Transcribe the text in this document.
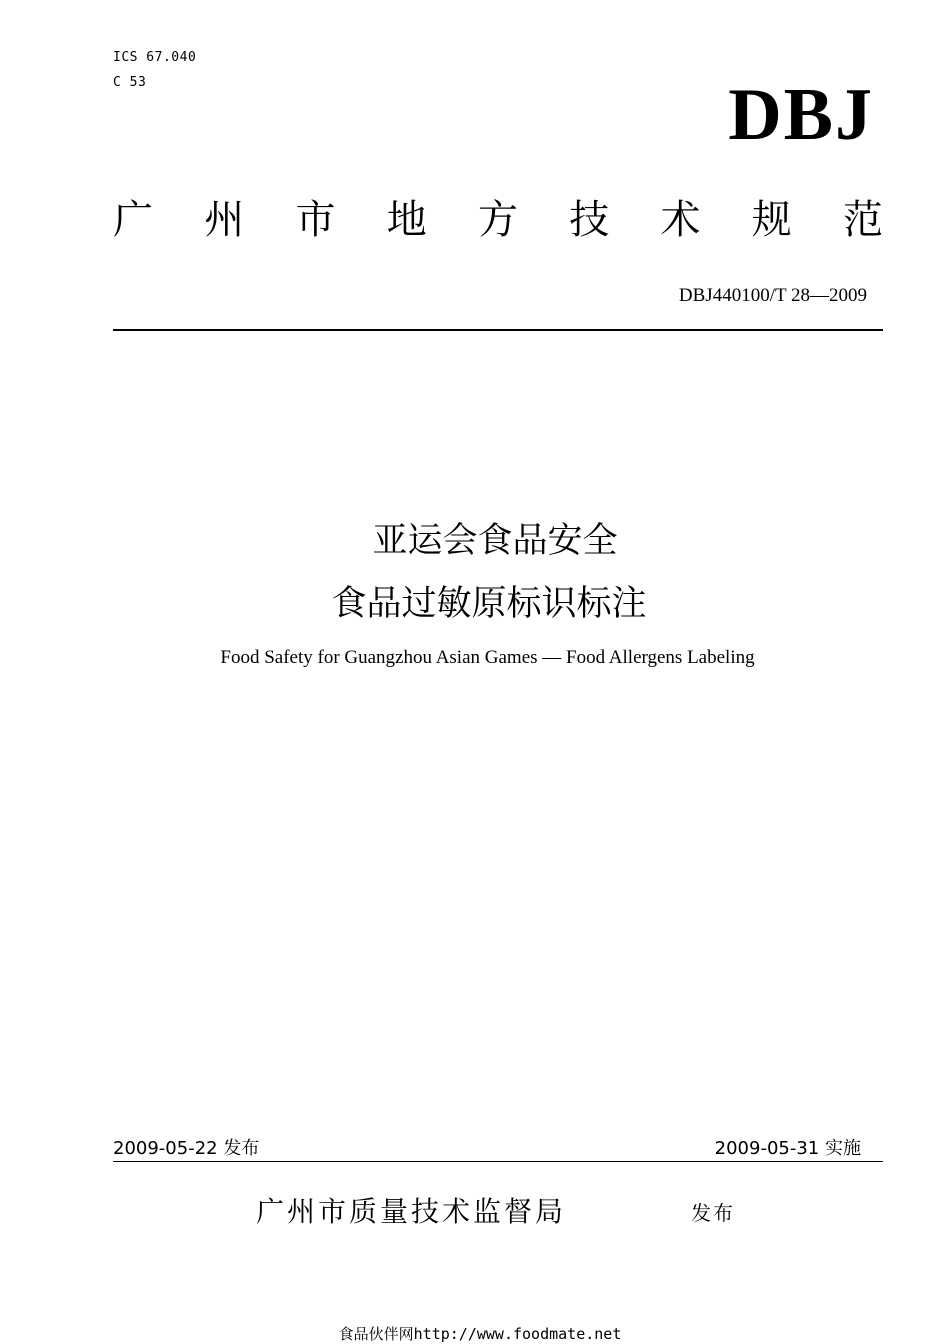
ICS 67.040
C 53	DBJ
广 州 市 地 方 技 术 规 范
DBJ440100/T 28—2009
亚运会食品安全
食品过敏原标识标注
Food Safety for Guangzhou Asian Games — Food Allergens Labeling
2009-05-22 发布	2009-05-31 实施
广州市质量技术监督局	发布
食品伙伴网http://www.foodmate.net
